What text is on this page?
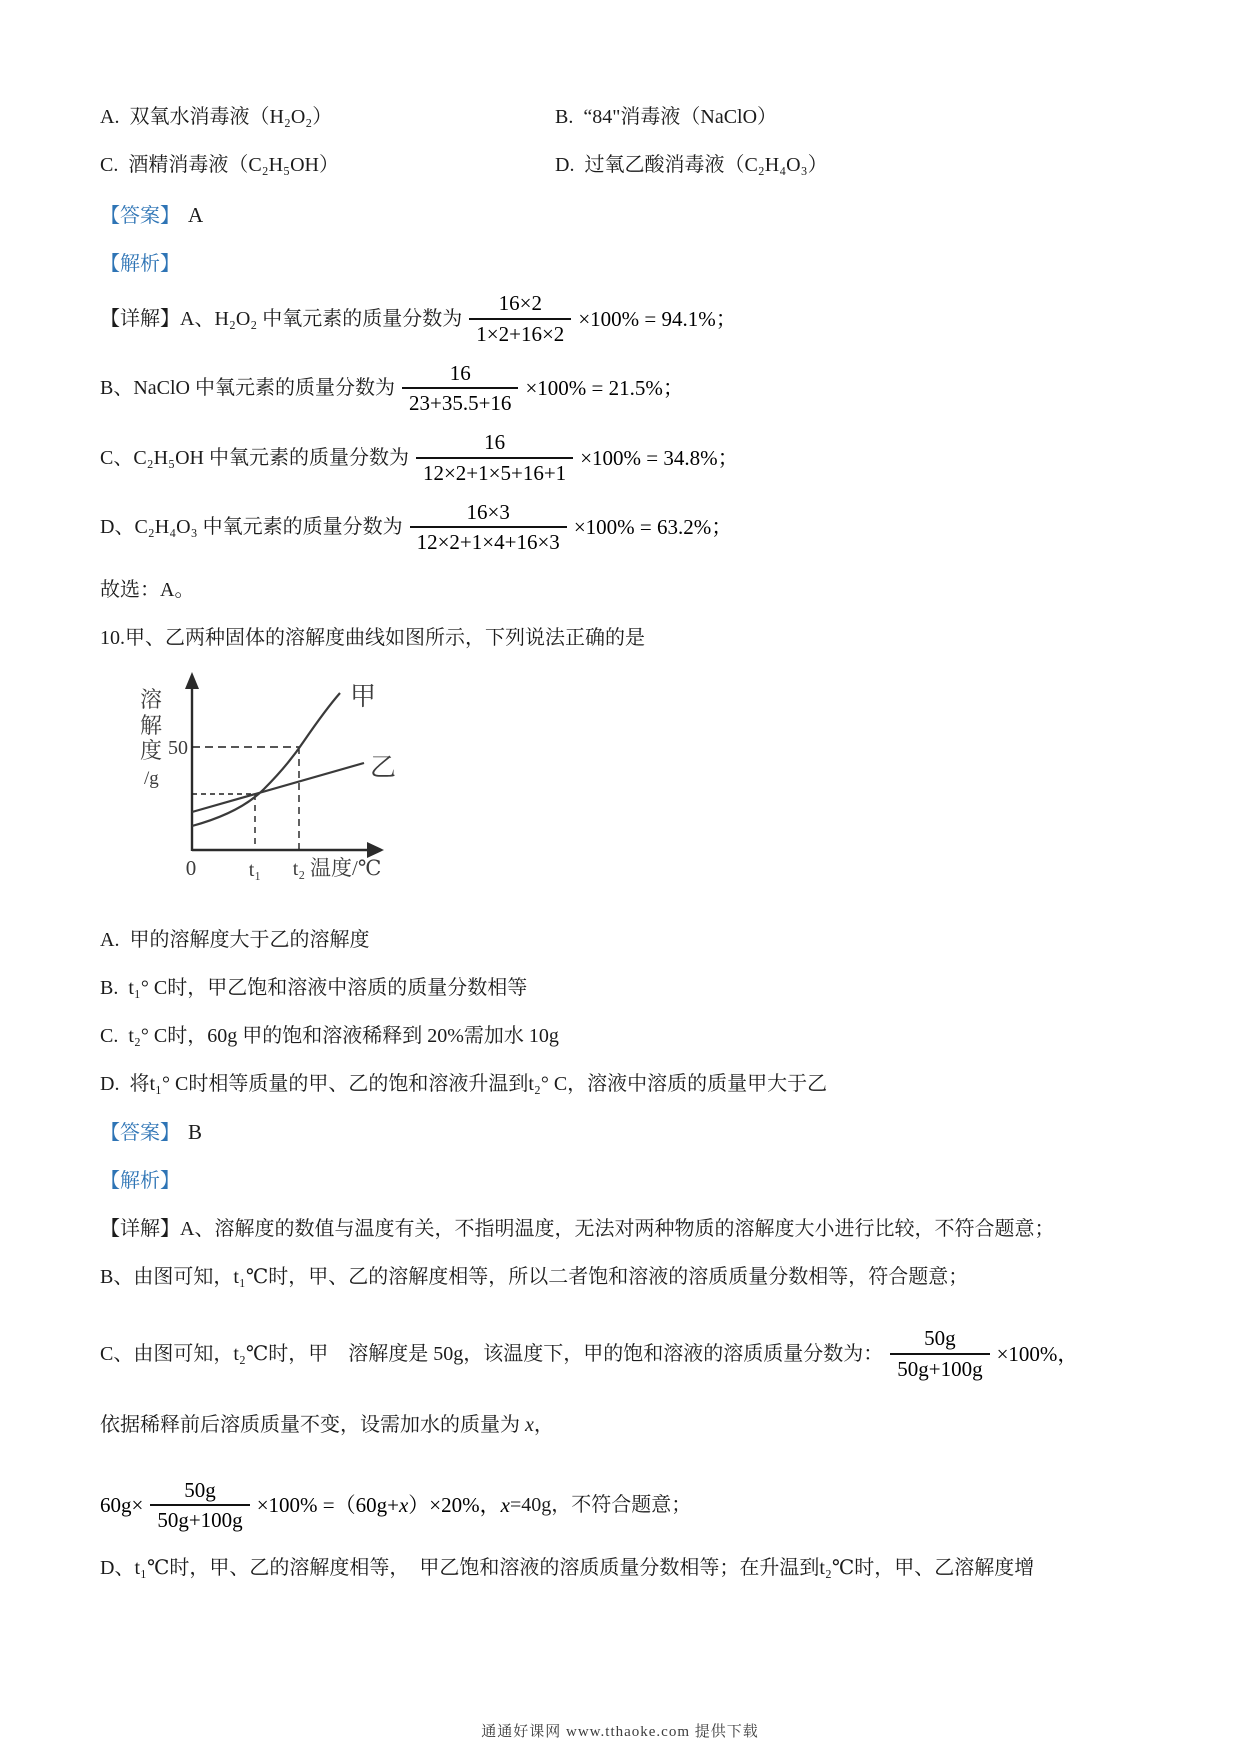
A. 双氧水消毒液（H₂O₂）	B. “84"消毒液（NaClO）
C. 酒精消毒液（C₂H₅OH）	D. 过氧乙酸消毒液（C₂H₄O₃）
【答案】 A
【解析】
【详解】A、H₂O₂ 中氧元素的质量分数为 $\frac{16\times 2}{1\times 2+16\times 2} \times 100\% = 94.1\%$；
B、NaClO 中氧元素的质量分数为 $\frac{16}{23+35.5+16} \times 100\% = 21.5\%$；
C、C₂H₅OH 中氧元素的质量分数为 $\frac{16}{12\times 2+1\times 5+16+1} \times 100\% = 34.8\%$；
D、C₂H₄O₃ 中氧元素的质量分数为 $\frac{16\times 3}{12\times 2+1\times 4+16\times 3} \times 100\% = 63.2\%$；
故选：A。
10.甲、乙两种固体的溶解度曲线如图所示，下列说法正确的是
甲
乙
溶
解
度
/g
50
0	t₁ t₂ 温度/℃
A. 甲的溶解度大于乙的溶解度
B. t₁° C时，甲乙饱和溶液中溶质的质量分数相等
C. t₂° C时，60g 甲的饱和溶液稀释到 20%需加水 10g
D. 将t₁° C时相等质量的甲、乙的饱和溶液升温到t₂° C，溶液中溶质的质量甲大于乙
【答案】 B
【解析】
【详解】A、溶解度的数值与温度有关，不指明温度，无法对两种物质的溶解度大小进行比较，不符合题意；
B、由图可知，t₁℃时，甲、乙的溶解度相等，所以二者饱和溶液的溶质质量分数相等，符合题意；
C、由图可知，t₂℃时，甲　溶解度是 50g，该温度下，甲的饱和溶液的溶质质量分数为： $\frac{50g}{50g+100g} \times 100\%$，
依据稀释前后溶质质量不变，设需加水的质量为 x，
$60g\times \frac{50g}{50g+100g} \times 100\% =(60g+ x$ ）×20%， x =40g，不符合题意；
D、t₁℃时，甲、乙的溶解度相等，　甲乙饱和溶液的溶质质量分数相等；在升温到t₂℃时，甲、乙溶解度增
通通好课网 www.tthaoke.com 提供下载
